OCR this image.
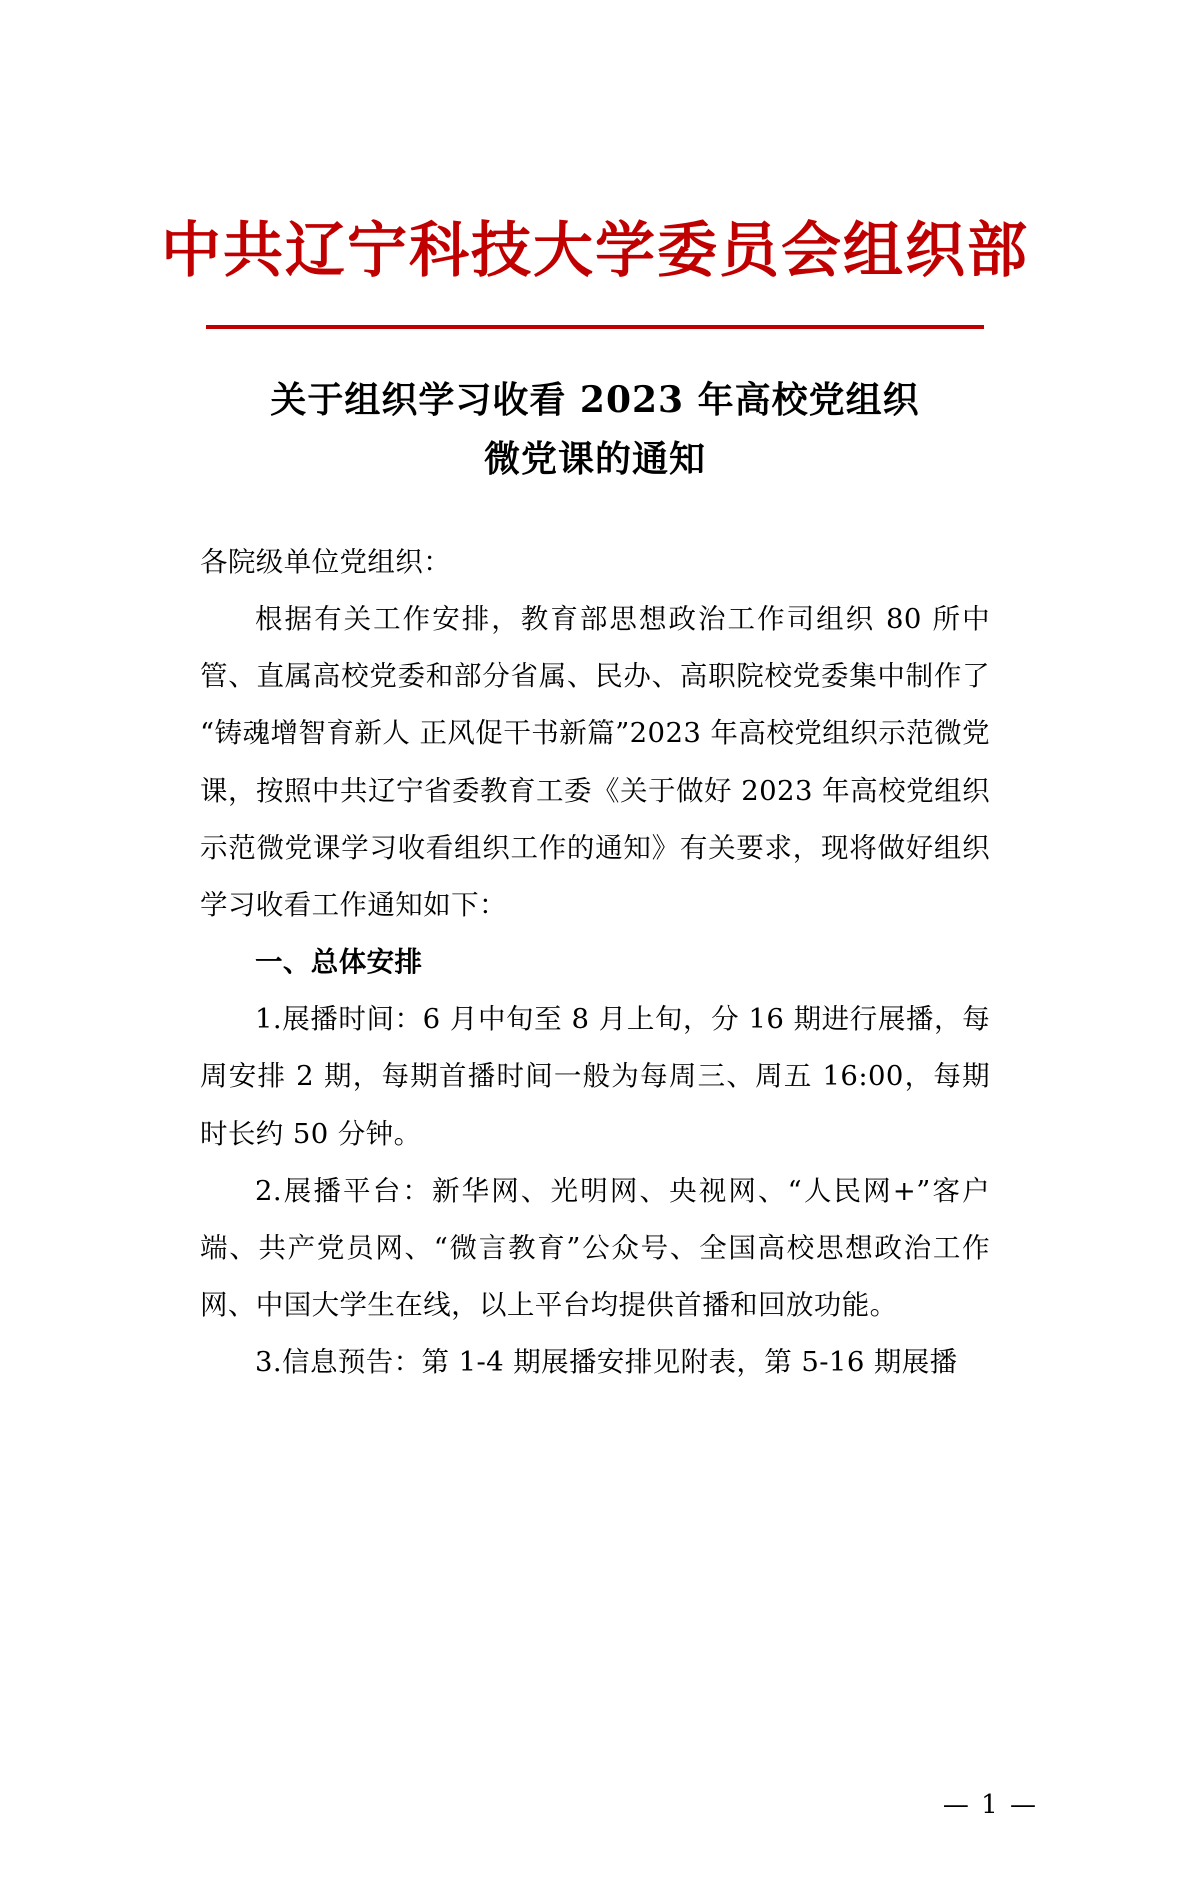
中共辽宁科技大学委员会组织部
关于组织学习收看 2023 年高校党组织
微党课的通知

各院级单位党组织：

根据有关工作安排，教育部思想政治工作司组织 80 所中管、直属高校党委和部分省属、民办、高职院校党委集中制作了“铸魂增智育新人 正风促干书新篇”2023 年高校党组织示范微党课，按照中共辽宁省委教育工委《关于做好 2023 年高校党组织示范微党课学习收看组织工作的通知》有关要求，现将做好组织学习收看工作通知如下：

一、总体安排

1.展播时间：6 月中旬至 8 月上旬，分 16 期进行展播，每周安排 2 期，每期首播时间一般为每周三、周五 16:00，每期时长约 50 分钟。

2.展播平台：新华网、光明网、央视网、“人民网+”客户端、共产党员网、“微言教育”公众号、全国高校思想政治工作网、中国大学生在线，以上平台均提供首播和回放功能。

3.信息预告：第 1-4 期展播安排见附表，第 5-16 期展播

— 1 —
